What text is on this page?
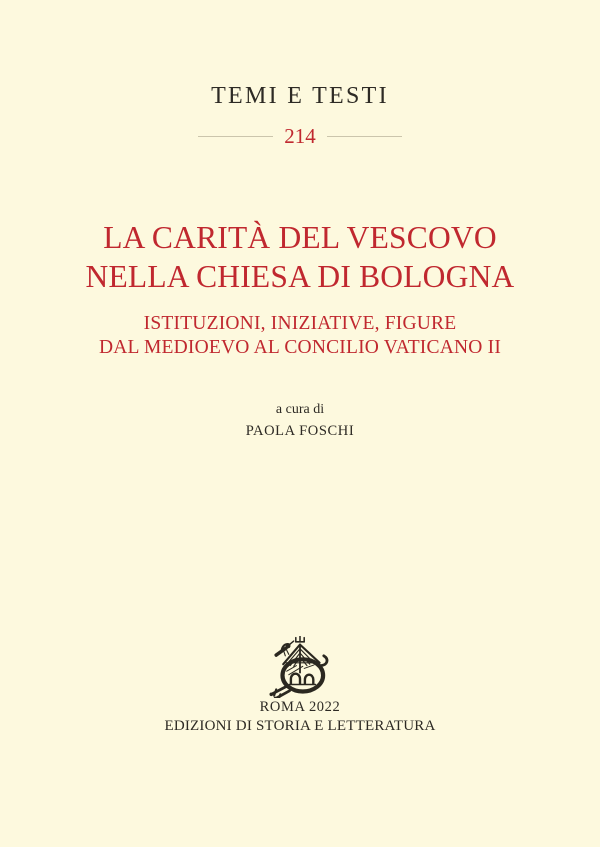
TEMI E TESTI
214
LA CARITÀ DEL VESCOVO
NELLA CHIESA DI BOLOGNA
ISTITUZIONI, INIZIATIVE, FIGURE
DAL MEDIOEVO AL CONCILIO VATICANO II
a cura di
PAOLA FOSCHI
ROMA 2022
EDIZIONI DI STORIA E LETTERATURA
